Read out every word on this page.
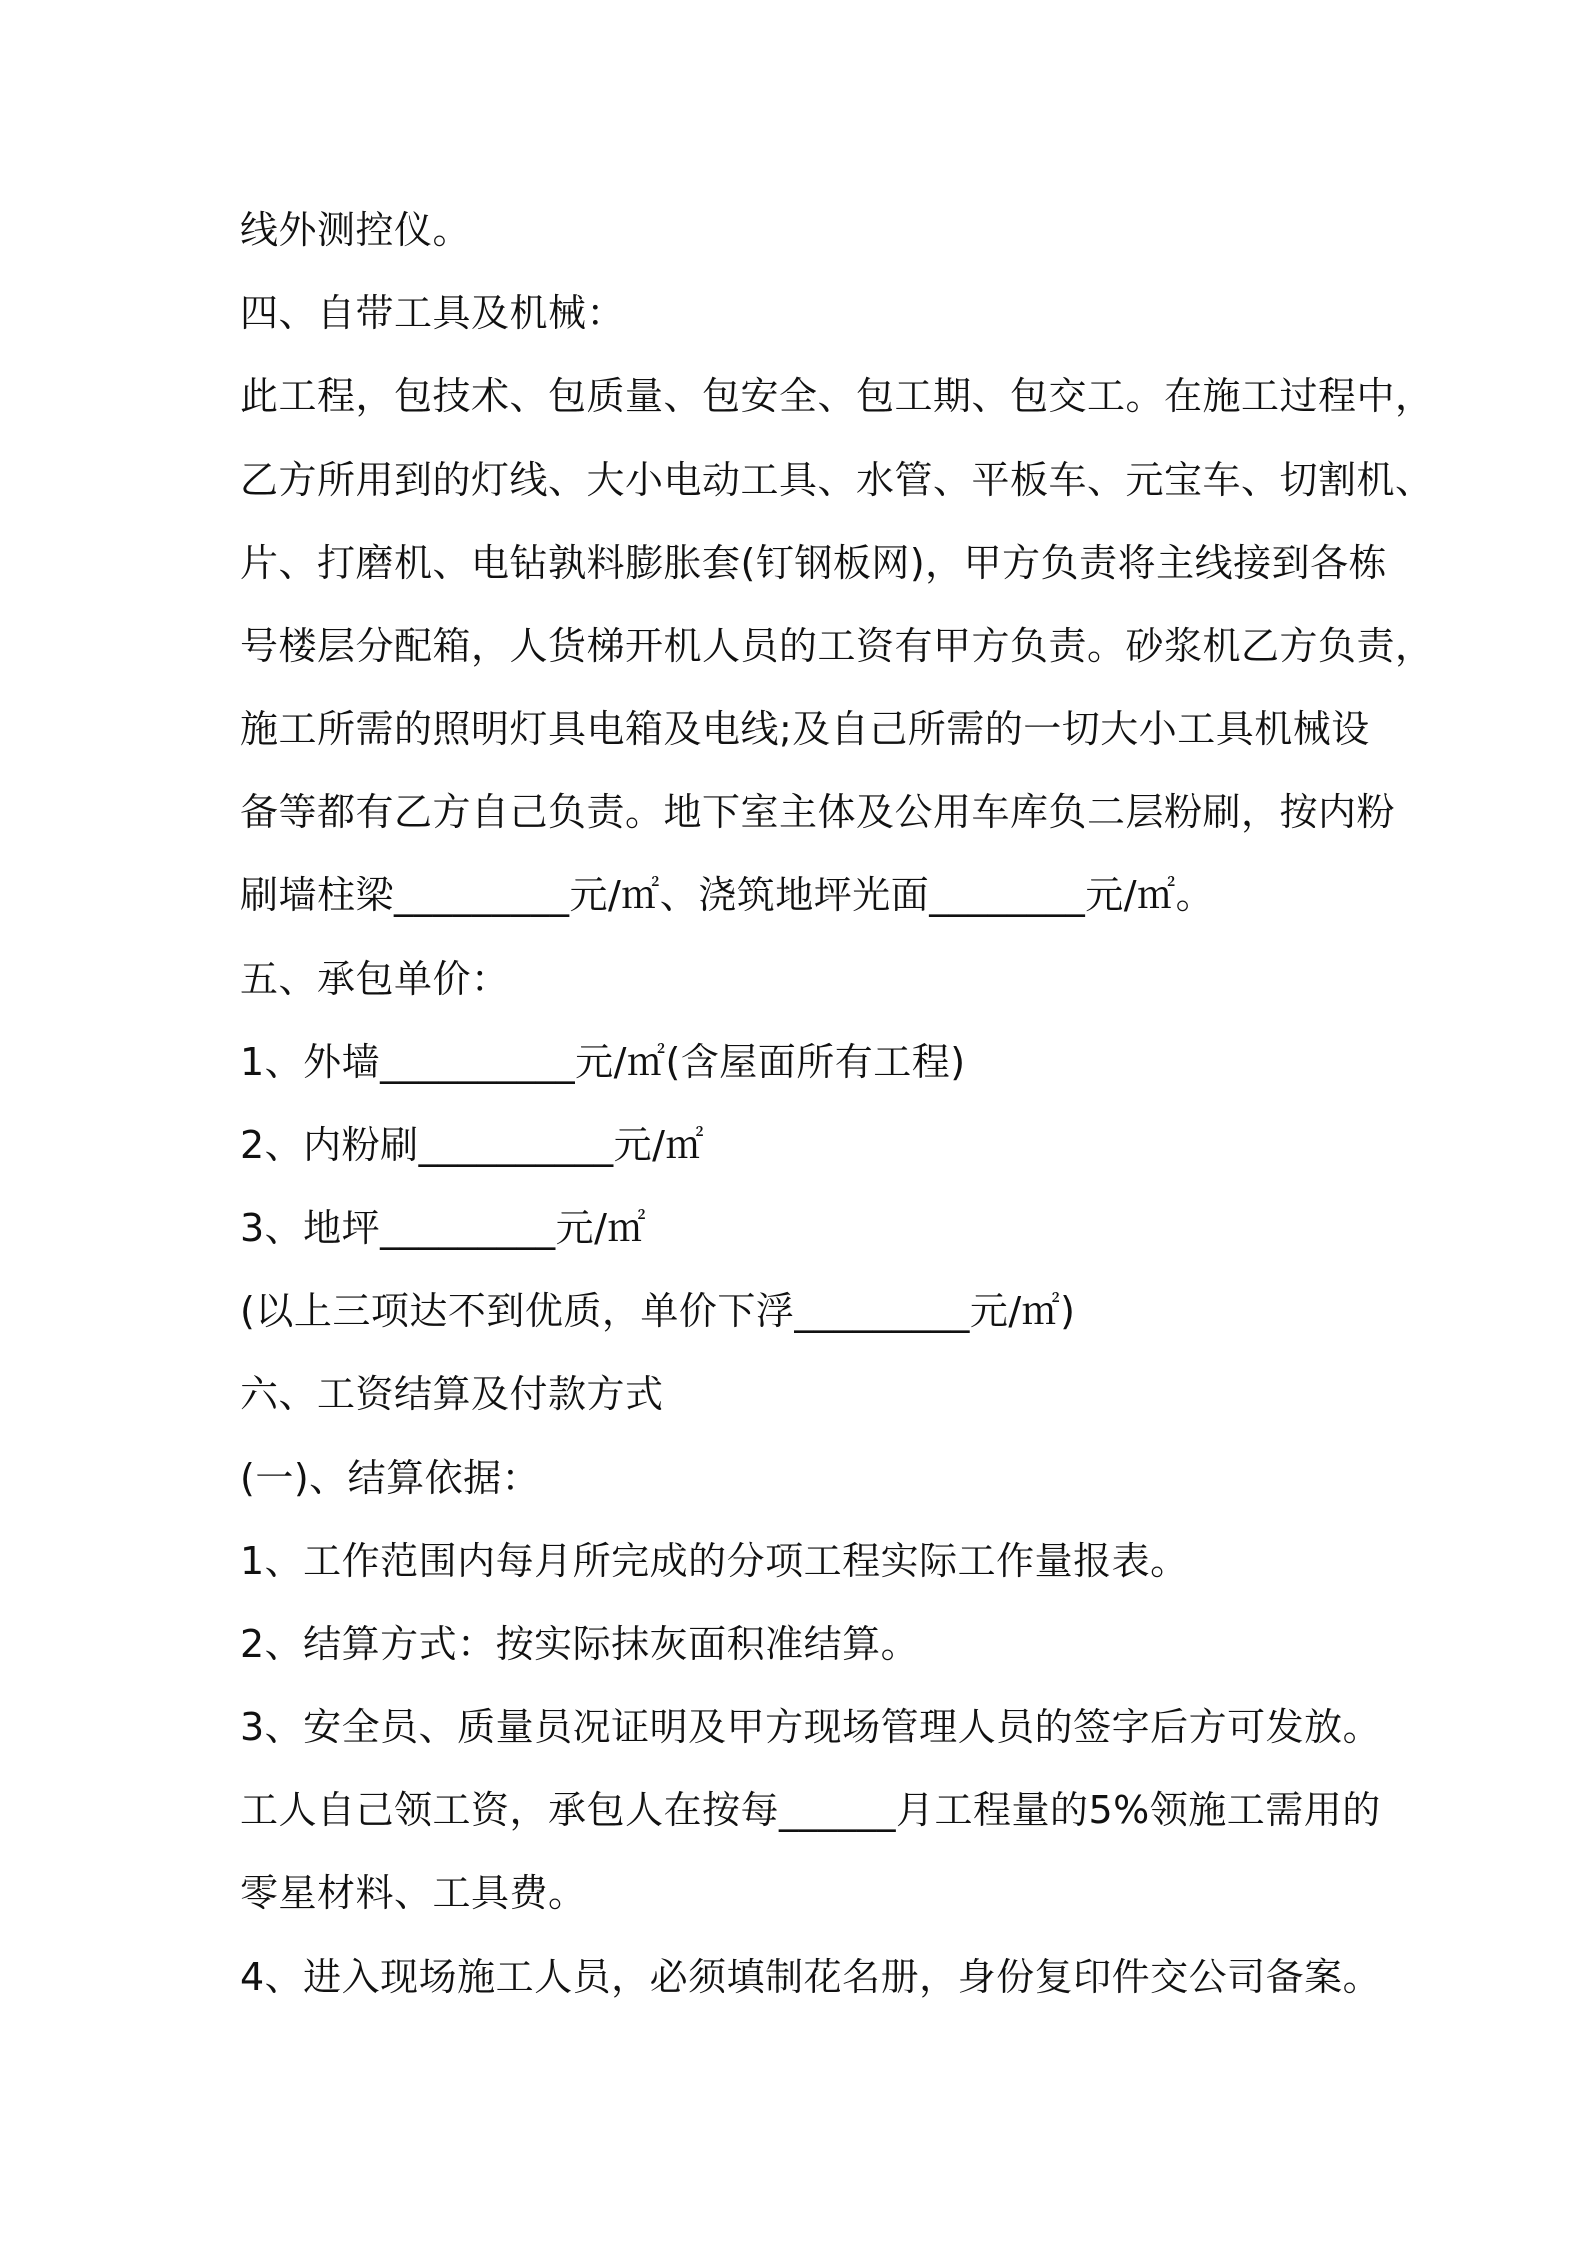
线外测控仪。
四、自带工具及机械：
此工程，包技术、包质量、包安全、包工期、包交工。在施工过程中，
乙方所用到的灯线、大小电动工具、水管、平板车、元宝车、切割机、
片、打磨机、电钻孰料膨胀套(钉钢板网)，甲方负责将主线接到各栋
号楼层分配箱，人货梯开机人员的工资有甲方负责。砂浆机乙方负责，
施工所需的照明灯具电箱及电线;及自己所需的一切大小工具机械设
备等都有乙方自己负责。地下室主体及公用车库负二层粉刷，按内粉
刷墙柱梁_________元/㎡、浇筑地坪光面________元/㎡。
五、承包单价：
1、外墙__________元/㎡(含屋面所有工程)
2、内粉刷__________元/㎡
3、地坪_________元/㎡
(以上三项达不到优质，单价下浮_________元/㎡)
六、工资结算及付款方式
(一)、结算依据：
1、工作范围内每月所完成的分项工程实际工作量报表。
2、结算方式：按实际抹灰面积准结算。
3、安全员、质量员况证明及甲方现场管理人员的签字后方可发放。
工人自己领工资，承包人在按每______月工程量的5%领施工需用的
零星材料、工具费。
4、进入现场施工人员，必须填制花名册，身份复印件交公司备案。
